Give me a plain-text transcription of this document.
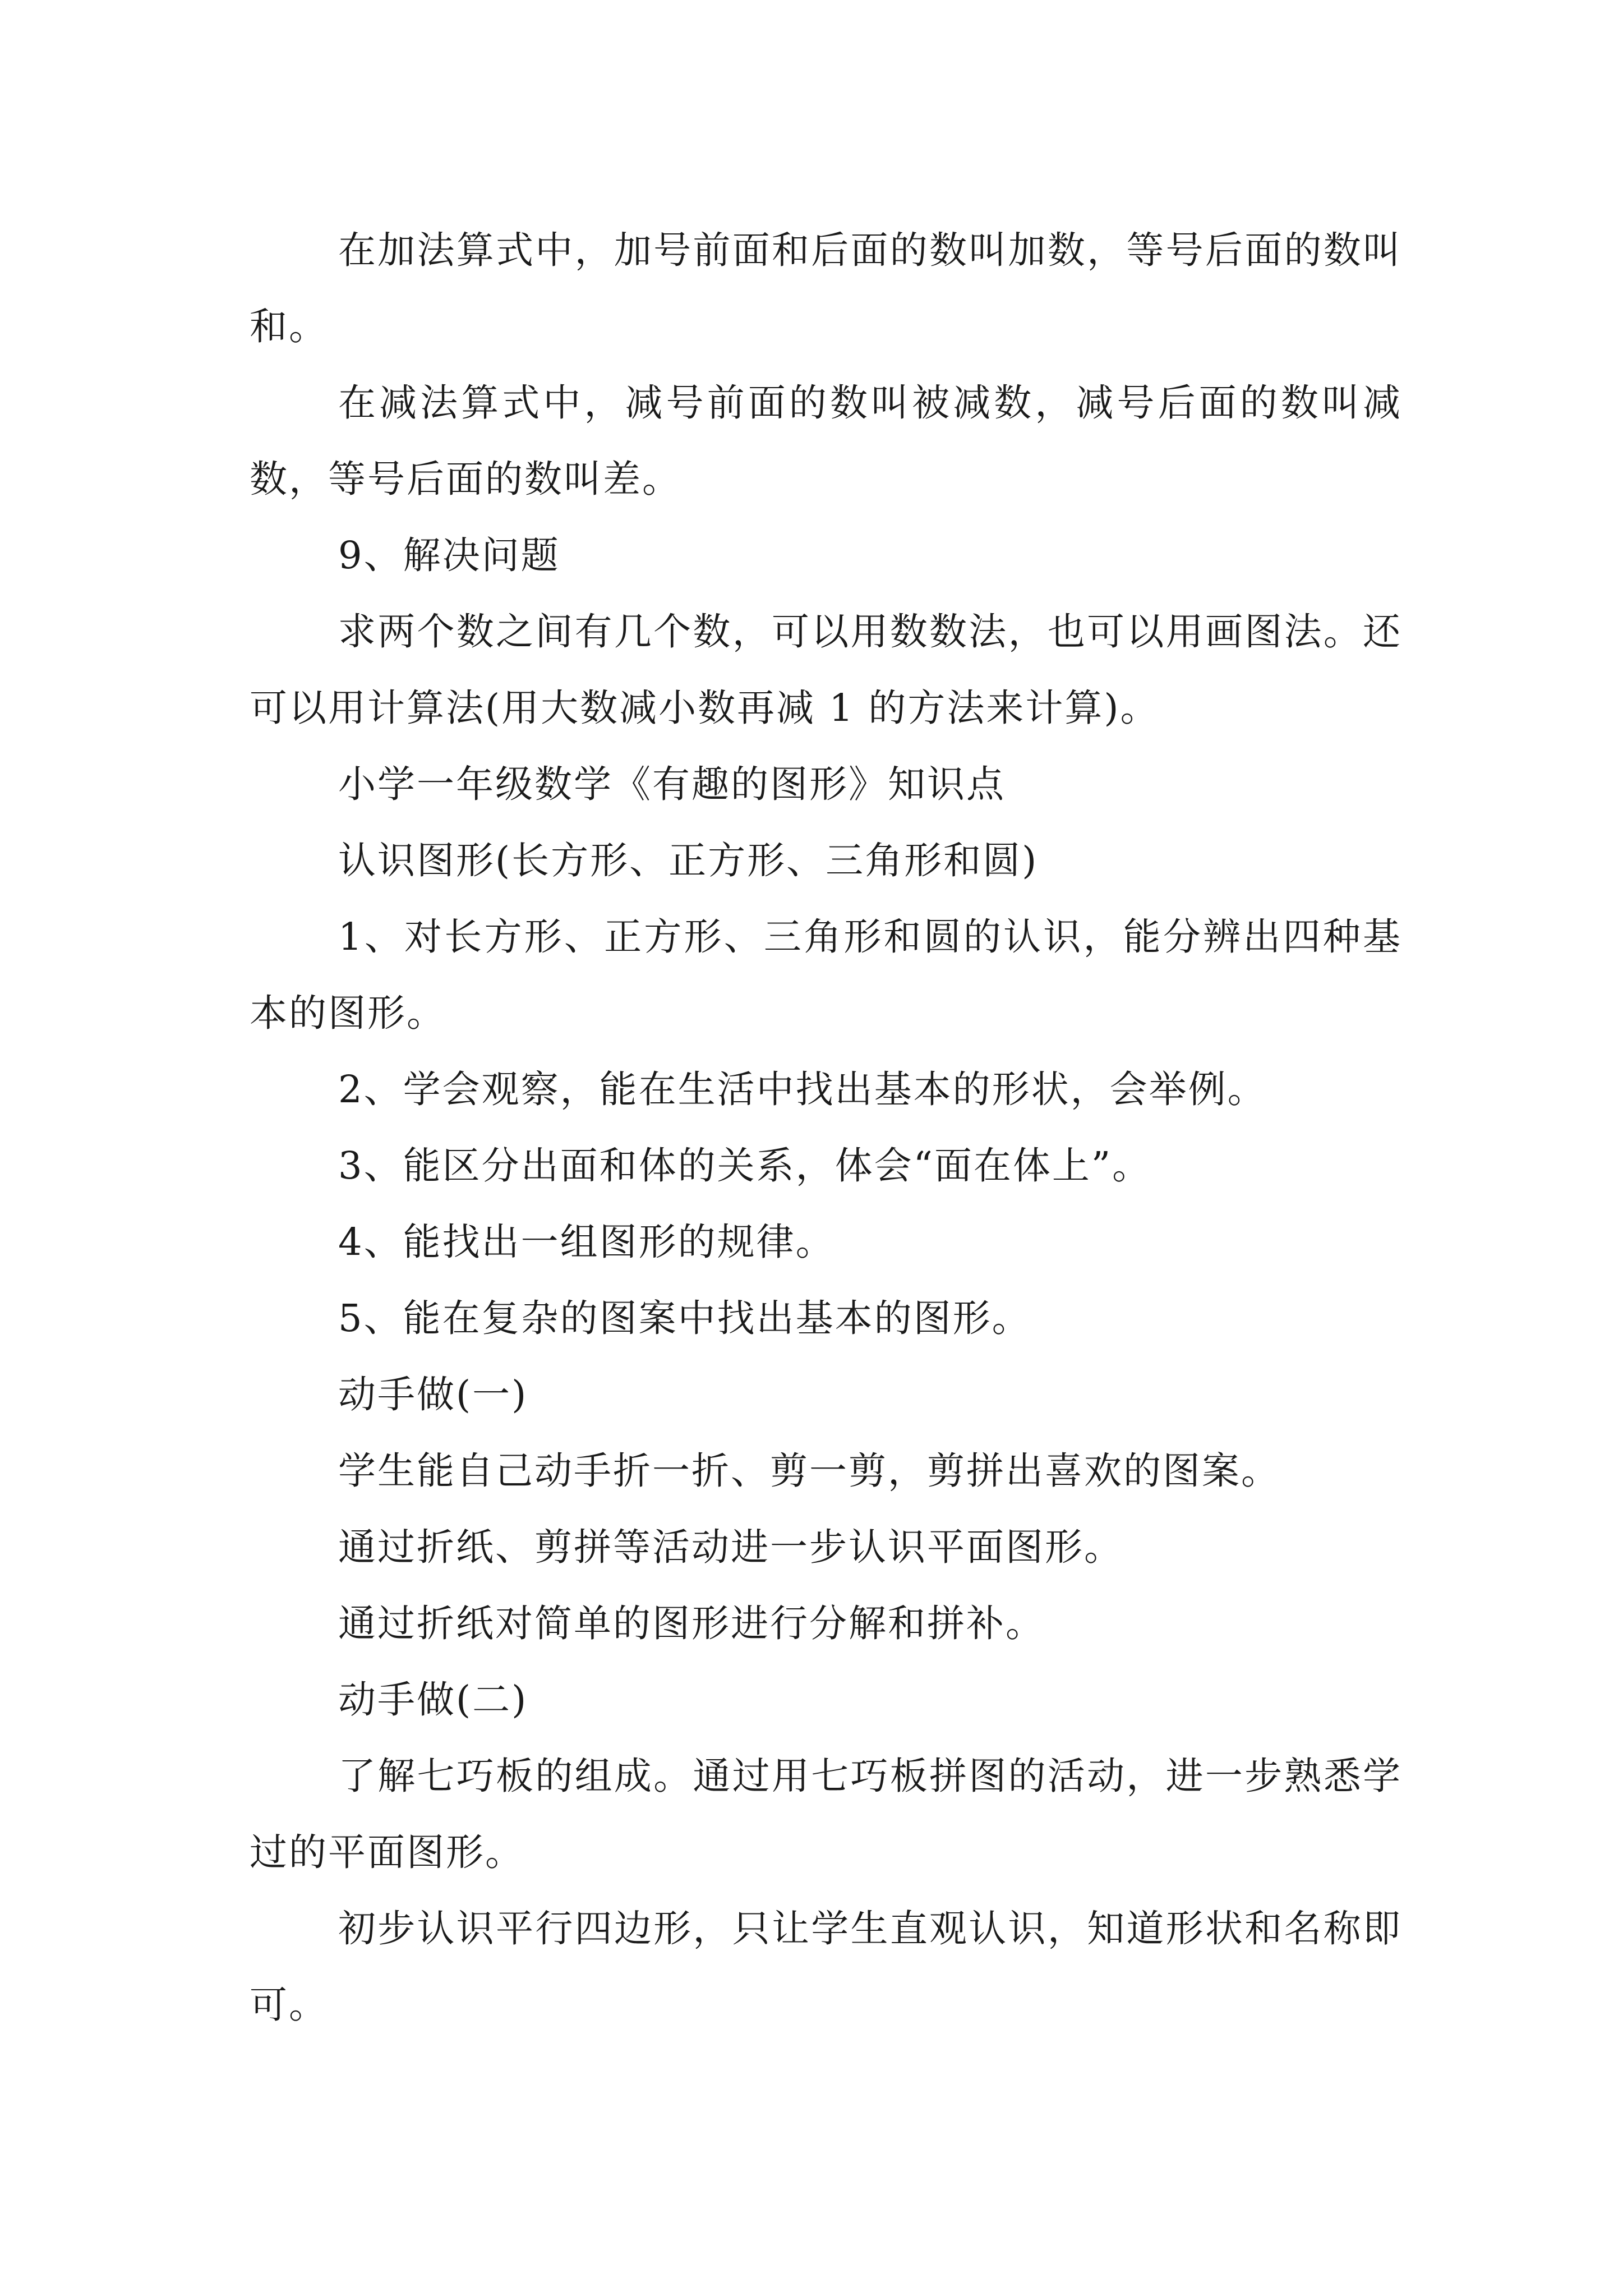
在加法算式中，加号前面和后面的数叫加数，等号后面的数叫和。

在减法算式中，减号前面的数叫被减数，减号后面的数叫减数，等号后面的数叫差。

9、解决问题

求两个数之间有几个数，可以用数数法，也可以用画图法。还可以用计算法(用大数减小数再减 1 的方法来计算)。

小学一年级数学《有趣的图形》知识点

认识图形(长方形、正方形、三角形和圆)

1、对长方形、正方形、三角形和圆的认识，能分辨出四种基本的图形。

2、学会观察，能在生活中找出基本的形状，会举例。

3、能区分出面和体的关系，体会“面在体上”。

4、能找出一组图形的规律。

5、能在复杂的图案中找出基本的图形。

动手做(一)

学生能自己动手折一折、剪一剪，剪拼出喜欢的图案。

通过折纸、剪拼等活动进一步认识平面图形。

通过折纸对简单的图形进行分解和拼补。

动手做(二)

了解七巧板的组成。通过用七巧板拼图的活动，进一步熟悉学过的平面图形。

初步认识平行四边形，只让学生直观认识，知道形状和名称即可。
